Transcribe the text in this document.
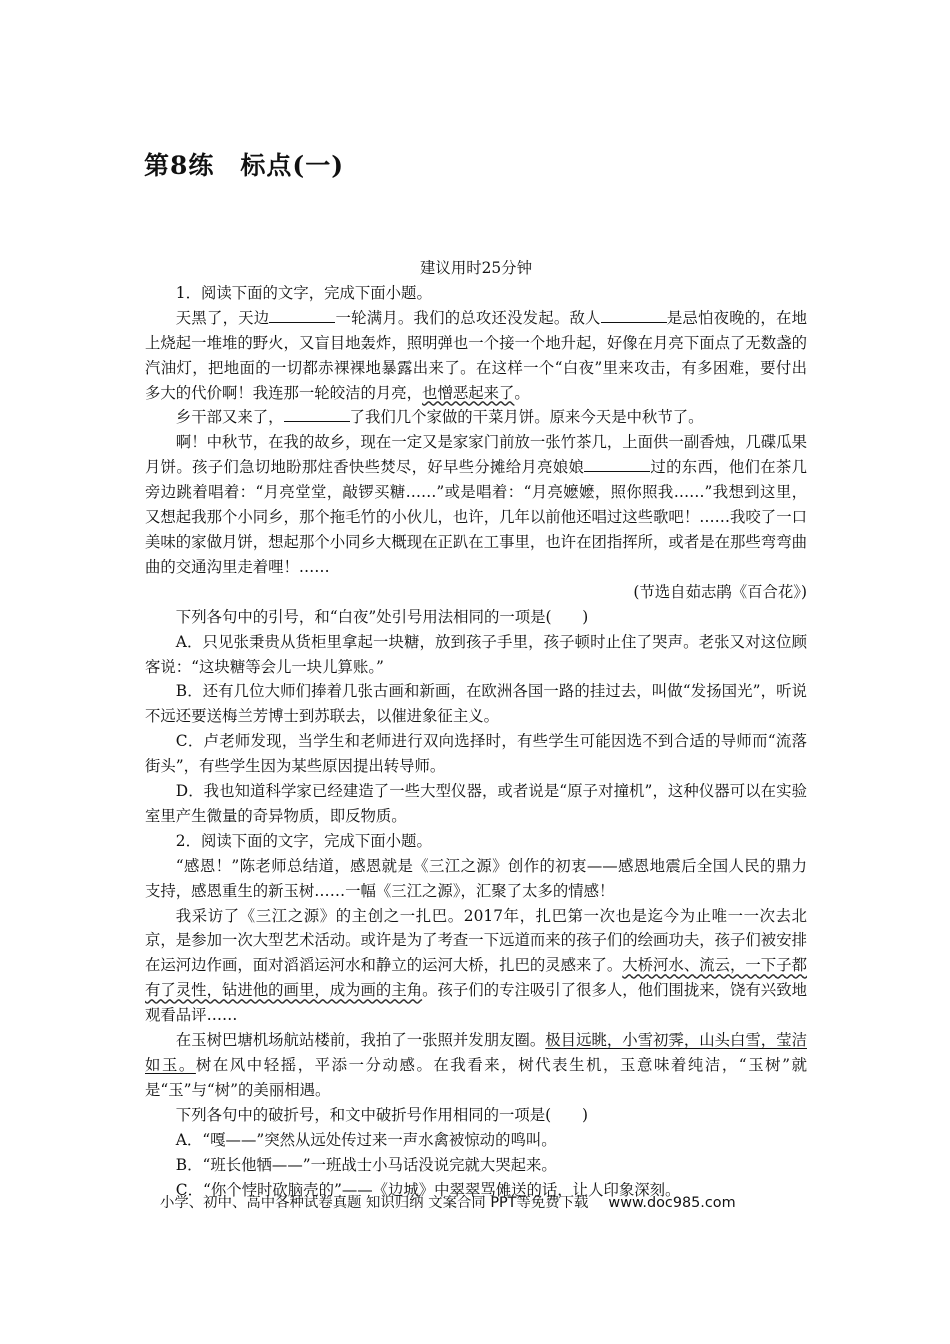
第8练　标点(一)

建议用时25分钟

1．阅读下面的文字，完成下面小题。

天黑了，天边	一轮满月。我们的总攻还没发起。敌人	是忌怕夜晚的，在地上烧起一堆堆的野火，又盲目地轰炸，照明弹也一个接一个地升起，好像在月亮下面点了无数盏的汽油灯，把地面的一切都赤裸裸地暴露出来了。在这样一个“白夜”里来攻击，有多困难，要付出多大的代价啊！我连那一轮皎洁的月亮，也憎恶起来了。

乡干部又来了，	了我们几个家做的干菜月饼。原来今天是中秋节了。

啊！中秋节，在我的故乡，现在一定又是家家门前放一张竹茶几，上面供一副香烛，几碟瓜果月饼。孩子们急切地盼那炷香快些焚尽，好早些分摊给月亮娘娘	过的东西，他们在茶几旁边跳着唱着：“月亮堂堂，敲锣买糖……”或是唱着：“月亮嬷嬷，照你照我……”我想到这里，又想起我那个小同乡，那个拖毛竹的小伙儿，也许，几年以前他还唱过这些歌吧！……我咬了一口美味的家做月饼，想起那个小同乡大概现在正趴在工事里，也许在团指挥所，或者是在那些弯弯曲曲的交通沟里走着哩！……

(节选自茹志鹃《百合花》)

下列各句中的引号，和“白夜”处引号用法相同的一项是(　　)

A．只见张秉贵从货柜里拿起一块糖，放到孩子手里，孩子顿时止住了哭声。老张又对这位顾客说：“这块糖等会儿一块儿算账。”

B．还有几位大师们捧着几张古画和新画，在欧洲各国一路的挂过去，叫做“发扬国光”，听说不远还要送梅兰芳博士到苏联去，以催进象征主义。

C．卢老师发现，当学生和老师进行双向选择时，有些学生可能因选不到合适的导师而“流落街头”，有些学生因为某些原因提出转导师。

D．我也知道科学家已经建造了一些大型仪器，或者说是“原子对撞机”，这种仪器可以在实验室里产生微量的奇异物质，即反物质。

2．阅读下面的文字，完成下面小题。

“感恩！”陈老师总结道，感恩就是《三江之源》创作的初衷——感恩地震后全国人民的鼎力支持，感恩重生的新玉树……一幅《三江之源》，汇聚了太多的情感！

我采访了《三江之源》的主创之一扎巴。2017年，扎巴第一次也是迄今为止唯一一次去北京，是参加一次大型艺术活动。或许是为了考查一下远道而来的孩子们的绘画功夫，孩子们被安排在运河边作画，面对滔滔运河水和静立的运河大桥，扎巴的灵感来了。大桥河水、流云，一下子都有了灵性，钻进他的画里，成为画的主角。孩子们的专注吸引了很多人，他们围拢来，饶有兴致地观看品评……

在玉树巴塘机场航站楼前，我拍了一张照并发朋友圈。极目远眺，小雪初霁，山头白雪，莹洁如玉。树在风中轻摇，平添一分动感。在我看来，树代表生机，玉意味着纯洁，“玉树”就是“玉”与“树”的美丽相遇。

下列各句中的破折号，和文中破折号作用相同的一项是(　　)

A．“嘎——”突然从远处传过来一声水禽被惊动的鸣叫。

B．“班长他牺——”一班战士小马话没说完就大哭起来。

C．“你个悖时砍脑壳的”——《边城》中翠翠骂傩送的话，让人印象深刻。

小学、初中、高中各种试卷真题 知识归纳 文案合同 PPT等免费下载 www.doc985.com
